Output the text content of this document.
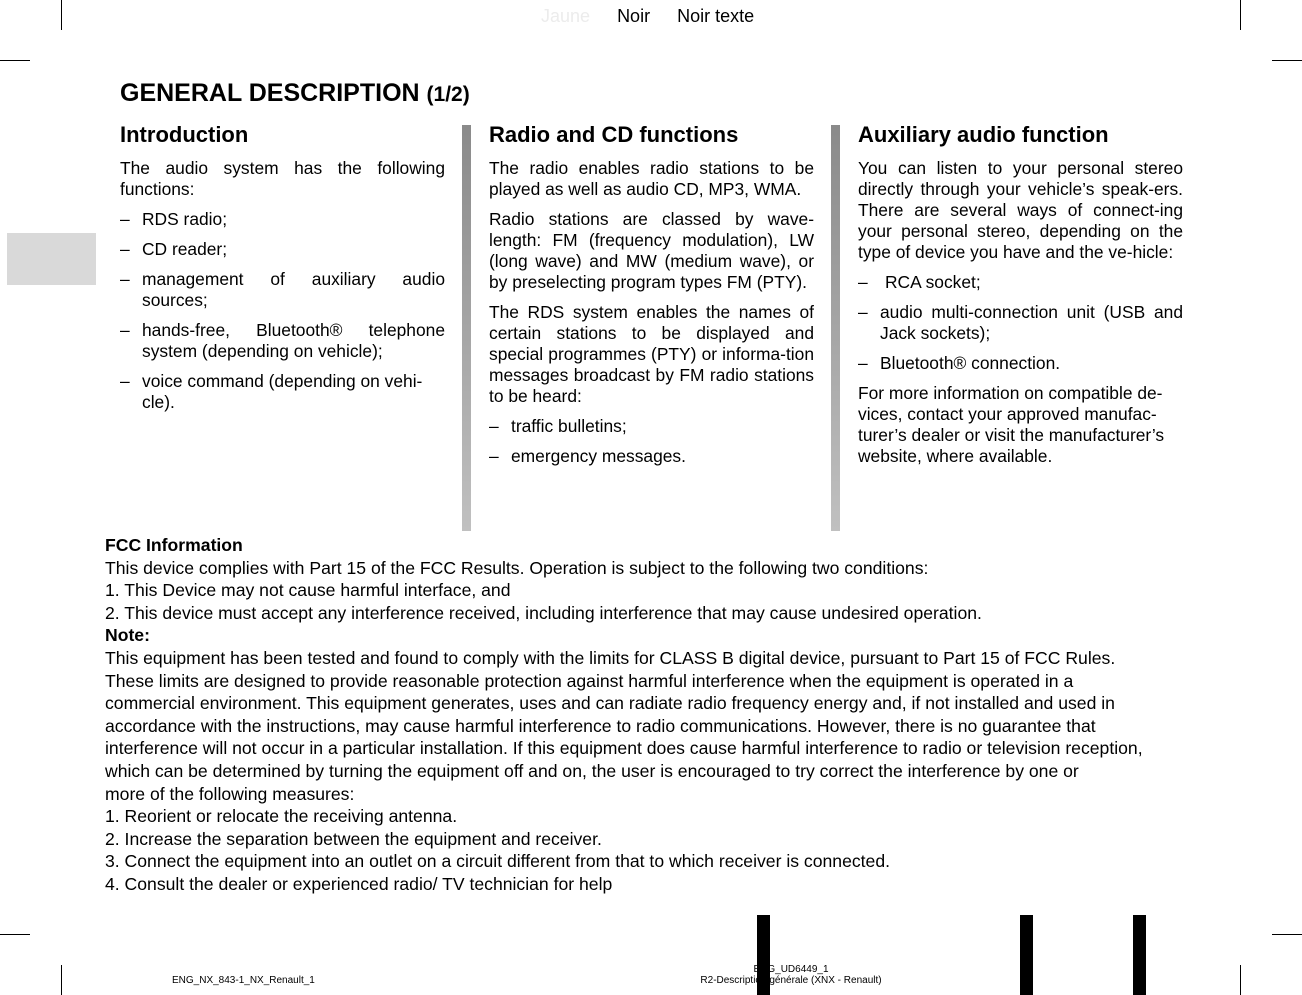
Jaune Noir Noir texte
GENERAL DESCRIPTION (1/2)
Introduction

The audio system has the following functions:

– RDS radio;
– CD reader;
– management of auxiliary audio sources;
– hands-free, Bluetooth® telephone system (depending on vehicle);
– voice command (depending on vehi-cle).
Radio and CD functions

The radio enables radio stations to be played as well as audio CD, MP3, WMA.

Radio stations are classed by wave-length: FM (frequency modulation), LW (long wave) and MW (medium wave), or by preselecting program types FM (PTY).

The RDS system enables the names of certain stations to be displayed and special programmes (PTY) or informa-tion messages broadcast by FM radio stations to be heard:

– traffic bulletins;
– emergency messages.
Auxiliary audio function

You can listen to your personal stereo directly through your vehicle’s speak-ers. There are several ways of connect-ing your personal stereo, depending on the type of device you have and the ve-hicle:

– RCA socket;
– audio multi-connection unit (USB and Jack sockets);
– Bluetooth® connection.

For more information on compatible de-vices, contact your approved manufac-turer’s dealer or visit the manufacturer’s website, where available.

FCC Information
This device complies with Part 15 of the FCC Results. Operation is subject to the following two conditions:
1. This Device may not cause harmful interface, and
2. This device must accept any interference received, including interference that may cause undesired operation.
Note:
This equipment has been tested and found to comply with the limits for CLASS B digital device, pursuant to Part 15 of FCC Rules.
These limits are designed to provide reasonable protection against harmful interference when the equipment is operated in a
commercial environment. This equipment generates, uses and can radiate radio frequency energy and, if not installed and used in
accordance with the instructions, may cause harmful interference to radio communications. However, there is no guarantee that
interference will not occur in a particular installation. If this equipment does cause harmful interference to radio or television reception,
which can be determined by turning the equipment off and on, the user is encouraged to try correct the interference by one or
more of the following measures:
1. Reorient or relocate the receiving antenna.
2. Increase the separation between the equipment and receiver.
3. Connect the equipment into an outlet on a circuit different from that to which receiver is connected.
4. Consult the dealer or experienced radio/ TV technician for help
ENG_NX_843-1_NX_Renault_1
ENG_UD6449_1
R2-Description générale (XNX - Renault)
